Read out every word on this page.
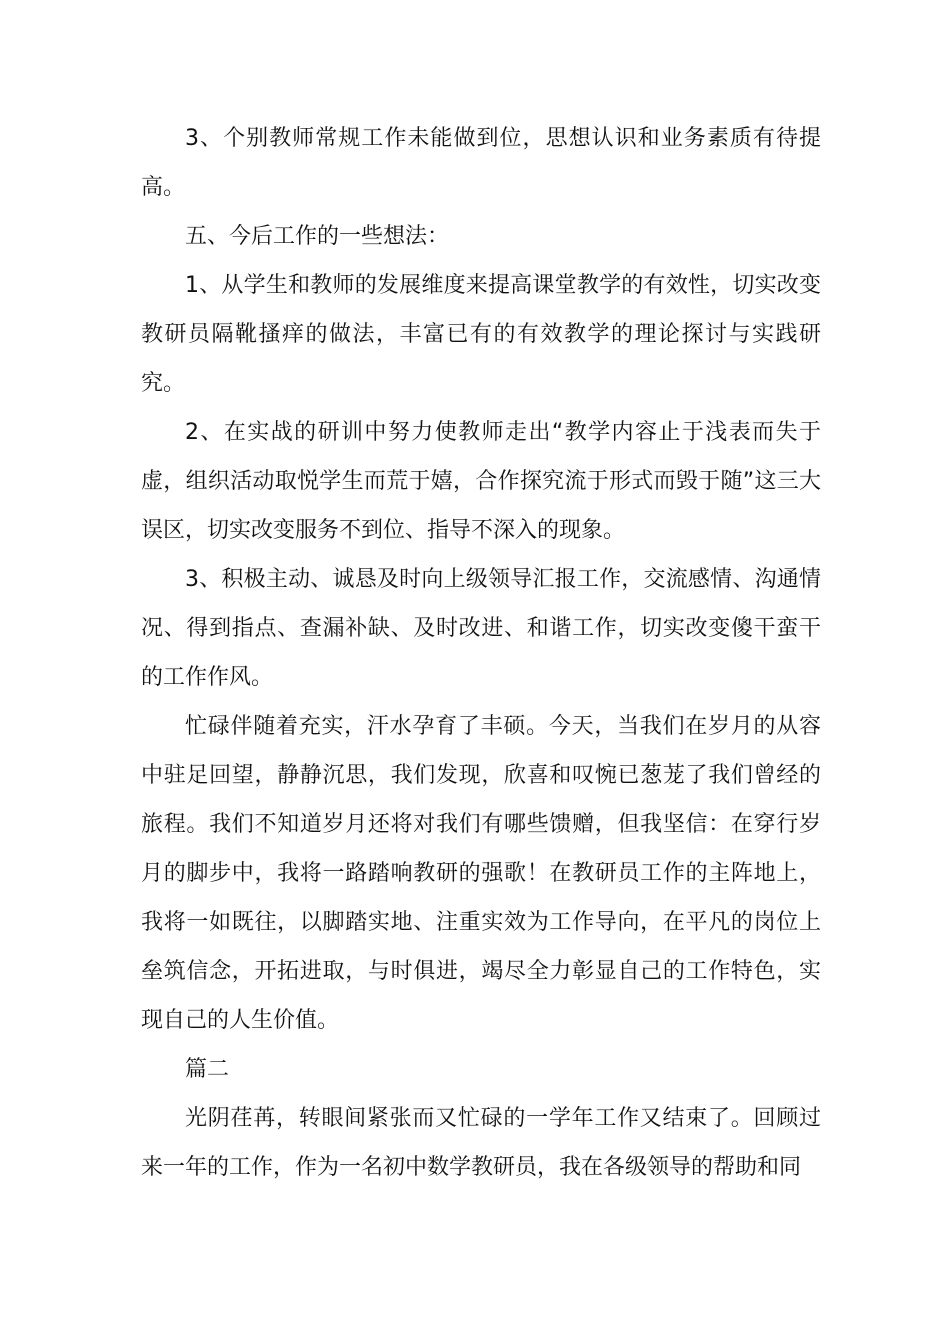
3、个别教师常规工作未能做到位，思想认识和业务素质有待提高。

五、今后工作的一些想法：

1、从学生和教师的发展维度来提高课堂教学的有效性，切实改变教研员隔靴搔痒的做法，丰富已有的有效教学的理论探讨与实践研究。

2、在实战的研训中努力使教师走出“教学内容止于浅表而失于虚，组织活动取悦学生而荒于嬉，合作探究流于形式而毁于随”这三大误区，切实改变服务不到位、指导不深入的现象。

3、积极主动、诚恳及时向上级领导汇报工作，交流感情、沟通情况、得到指点、查漏补缺、及时改进、和谐工作，切实改变傻干蛮干的工作作风。

忙碌伴随着充实，汗水孕育了丰硕。今天，当我们在岁月的从容中驻足回望，静静沉思，我们发现，欣喜和叹惋已葱茏了我们曾经的旅程。我们不知道岁月还将对我们有哪些馈赠，但我坚信：在穿行岁月的脚步中，我将一路踏响教研的强歌！在教研员工作的主阵地上，我将一如既往，以脚踏实地、注重实效为工作导向，在平凡的岗位上垒筑信念，开拓进取，与时俱进，竭尽全力彰显自己的工作特色，实现自己的人生价值。

篇二

光阴荏苒，转眼间紧张而又忙碌的一学年工作又结束了。回顾过来一年的工作，作为一名初中数学教研员，我在各级领导的帮助和同
